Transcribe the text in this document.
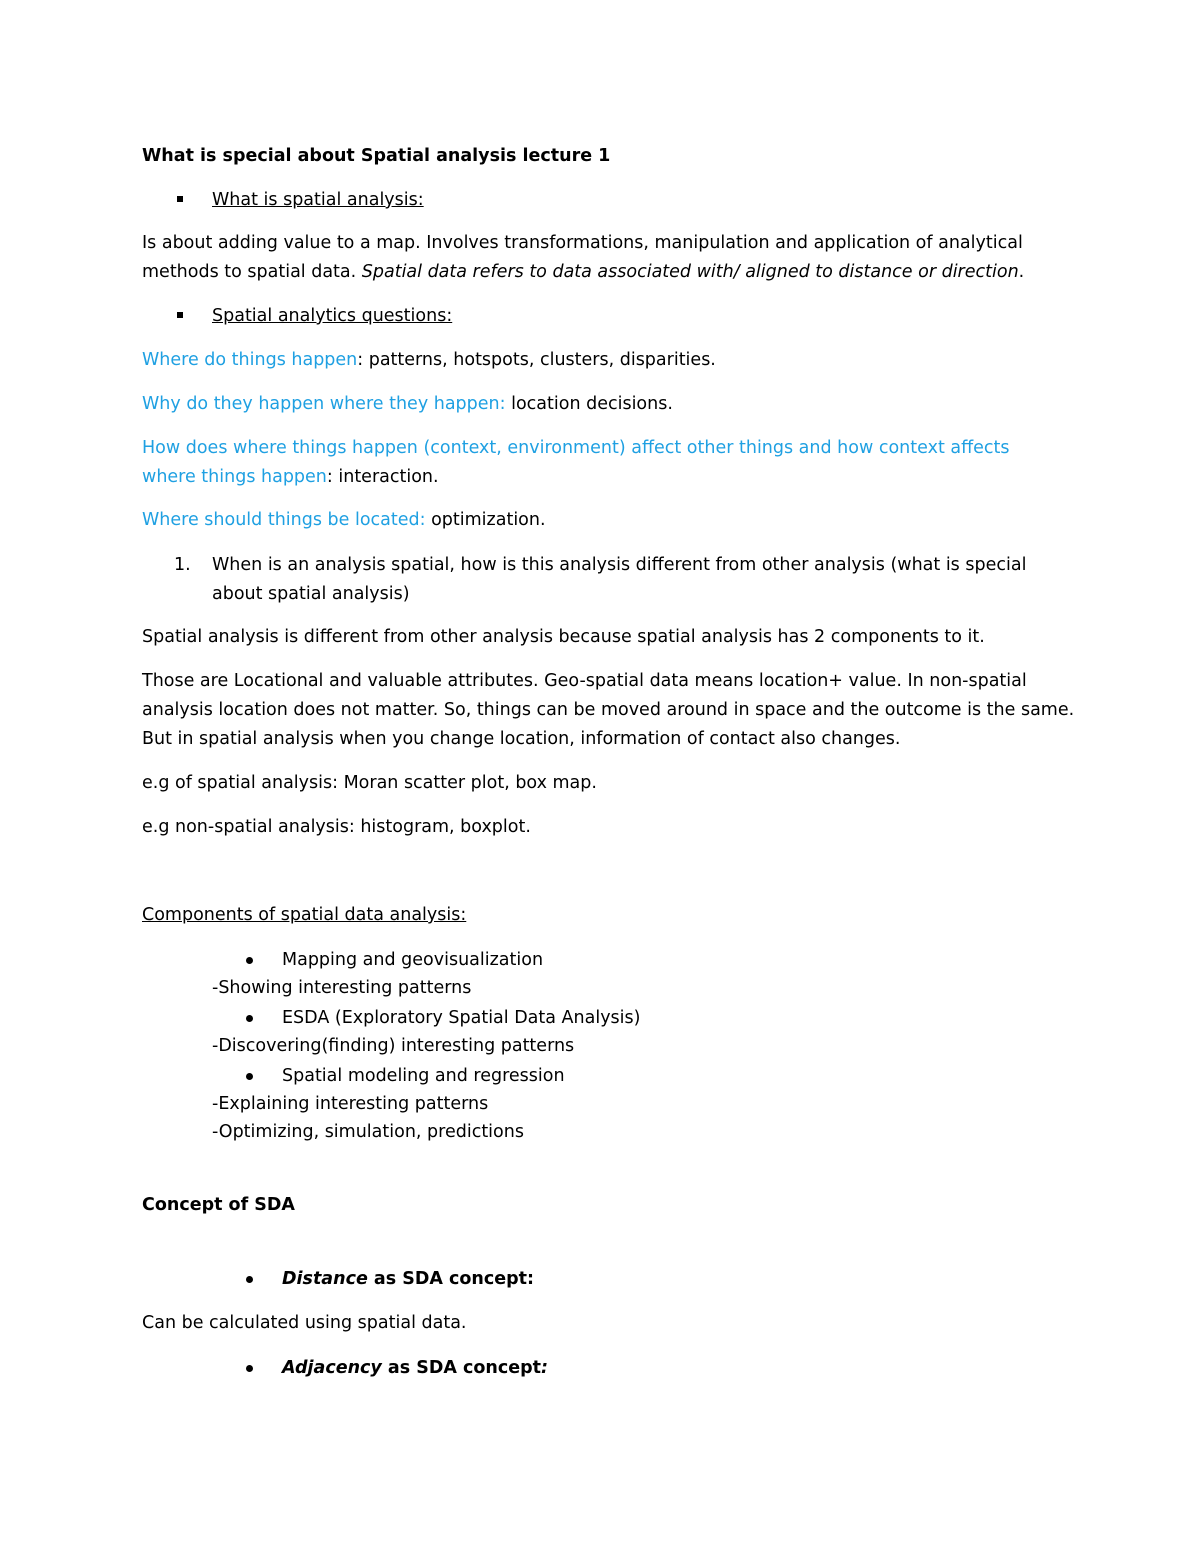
What is special about Spatial analysis lecture 1
What is spatial analysis:
Is about adding value to a map. Involves transformations, manipulation and application of analytical
methods to spatial data. Spatial data refers to data associated with/ aligned to distance or direction.
Spatial analytics questions:
Where do things happen: patterns, hotspots, clusters, disparities.
Why do they happen where they happen: location decisions.
How does where things happen (context, environment) affect other things and how context affects
where things happen: interaction.
Where should things be located: optimization.
1. When is an analysis spatial, how is this analysis different from other analysis (what is special
about spatial analysis)
Spatial analysis is different from other analysis because spatial analysis has 2 components to it.
Those are Locational and valuable attributes. Geo-spatial data means location+ value. In non-spatial
analysis location does not matter. So, things can be moved around in space and the outcome is the same.
But in spatial analysis when you change location, information of contact also changes.
e.g of spatial analysis: Moran scatter plot, box map.
e.g non-spatial analysis: histogram, boxplot.
Components of spatial data analysis:
Mapping and geovisualization
-Showing interesting patterns
ESDA (Exploratory Spatial Data Analysis)
-Discovering(finding) interesting patterns
Spatial modeling and regression
-Explaining interesting patterns
-Optimizing, simulation, predictions
Concept of SDA
Distance as SDA concept:
Can be calculated using spatial data.
Adjacency as SDA concept:
